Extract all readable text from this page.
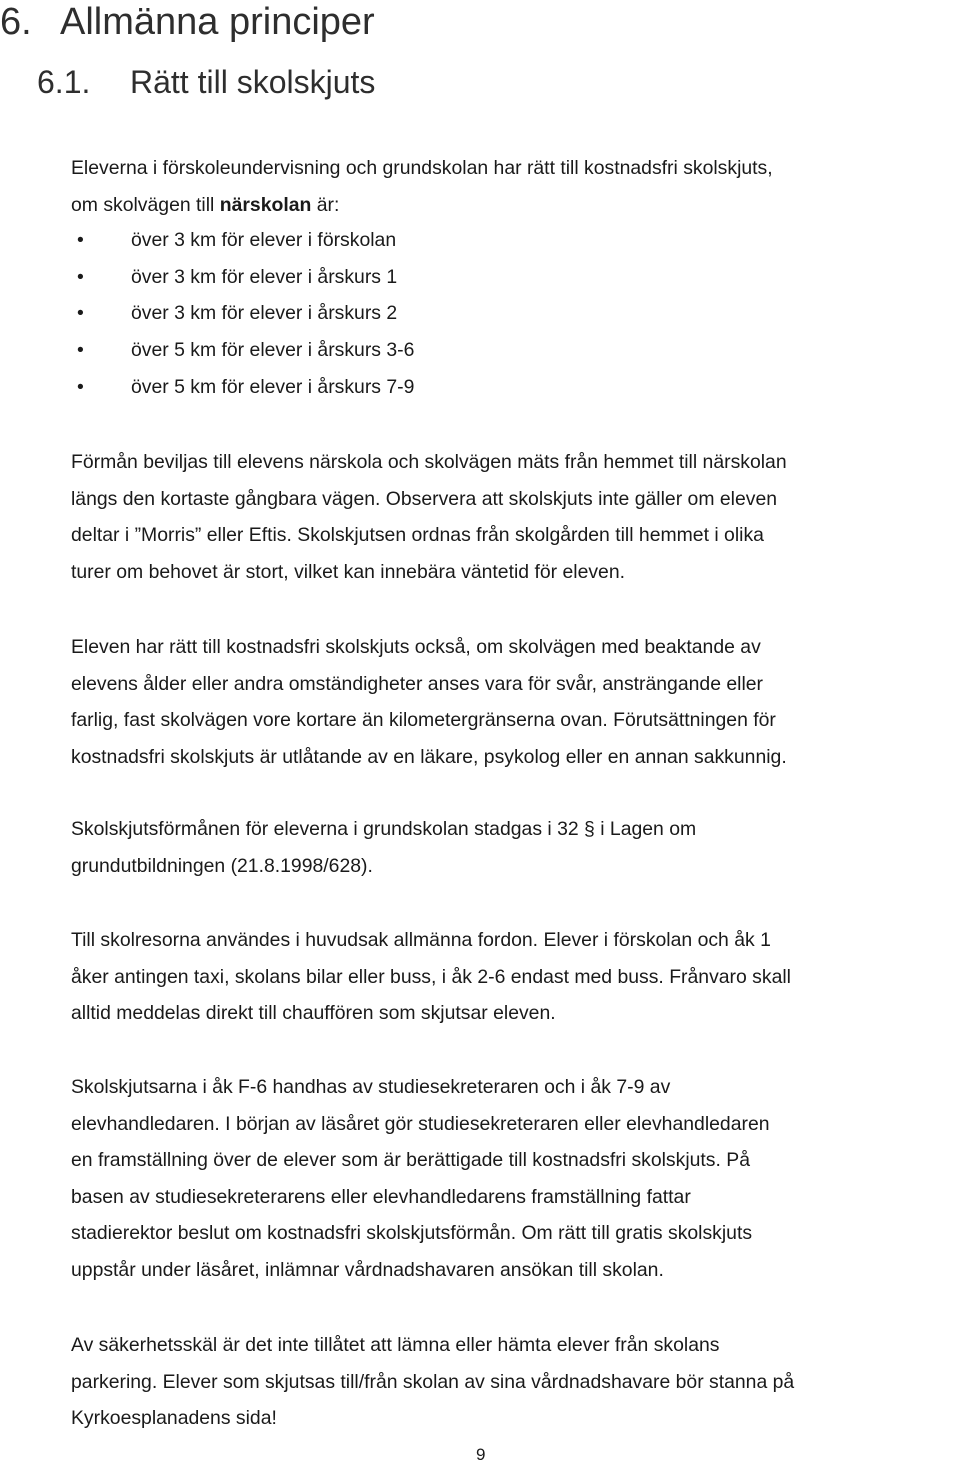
6. Allmänna principer
6.1. Rätt till skolskjuts
Eleverna i förskoleundervisning och grundskolan har rätt till kostnadsfri skolskjuts,
om skolvägen till närskolan är:
• över 3 km för elever i förskolan
• över 3 km för elever i årskurs 1
• över 3 km för elever i årskurs 2
• över 5 km för elever i årskurs 3-6
• över 5 km för elever i årskurs 7-9
Förmån beviljas till elevens närskola och skolvägen mäts från hemmet till närskolan
längs den kortaste gångbara vägen. Observera att skolskjuts inte gäller om eleven
deltar i ”Morris” eller Eftis. Skolskjutsen ordnas från skolgården till hemmet i olika
turer om behovet är stort, vilket kan innebära väntetid för eleven.
Eleven har rätt till kostnadsfri skolskjuts också, om skolvägen med beaktande av
elevens ålder eller andra omständigheter anses vara för svår, ansträngande eller
farlig, fast skolvägen vore kortare än kilometergränserna ovan. Förutsättningen för
kostnadsfri skolskjuts är utlåtande av en läkare, psykolog eller en annan sakkunnig.
Skolskjutsförmånen för eleverna i grundskolan stadgas i 32 § i Lagen om
grundutbildningen (21.8.1998/628).
Till skolresorna användes i huvudsak allmänna fordon. Elever i förskolan och åk 1
åker antingen taxi, skolans bilar eller buss, i åk 2-6 endast med buss. Frånvaro skall
alltid meddelas direkt till chauffören som skjutsar eleven.
Skolskjutsarna i åk F-6 handhas av studiesekreteraren och i åk 7-9 av
elevhandledaren. I början av läsåret gör studiesekreteraren eller elevhandledaren
en framställning över de elever som är berättigade till kostnadsfri skolskjuts. På
basen av studiesekreterarens eller elevhandledarens framställning fattar
stadierektor beslut om kostnadsfri skolskjutsförmån. Om rätt till gratis skolskjuts
uppstår under läsåret, inlämnar vårdnadshavaren ansökan till skolan.
Av säkerhetsskäl är det inte tillåtet att lämna eller hämta elever från skolans
parkering. Elever som skjutsas till/från skolan av sina vårdnadshavare bör stanna på
Kyrkoesplanadens sida!
9
